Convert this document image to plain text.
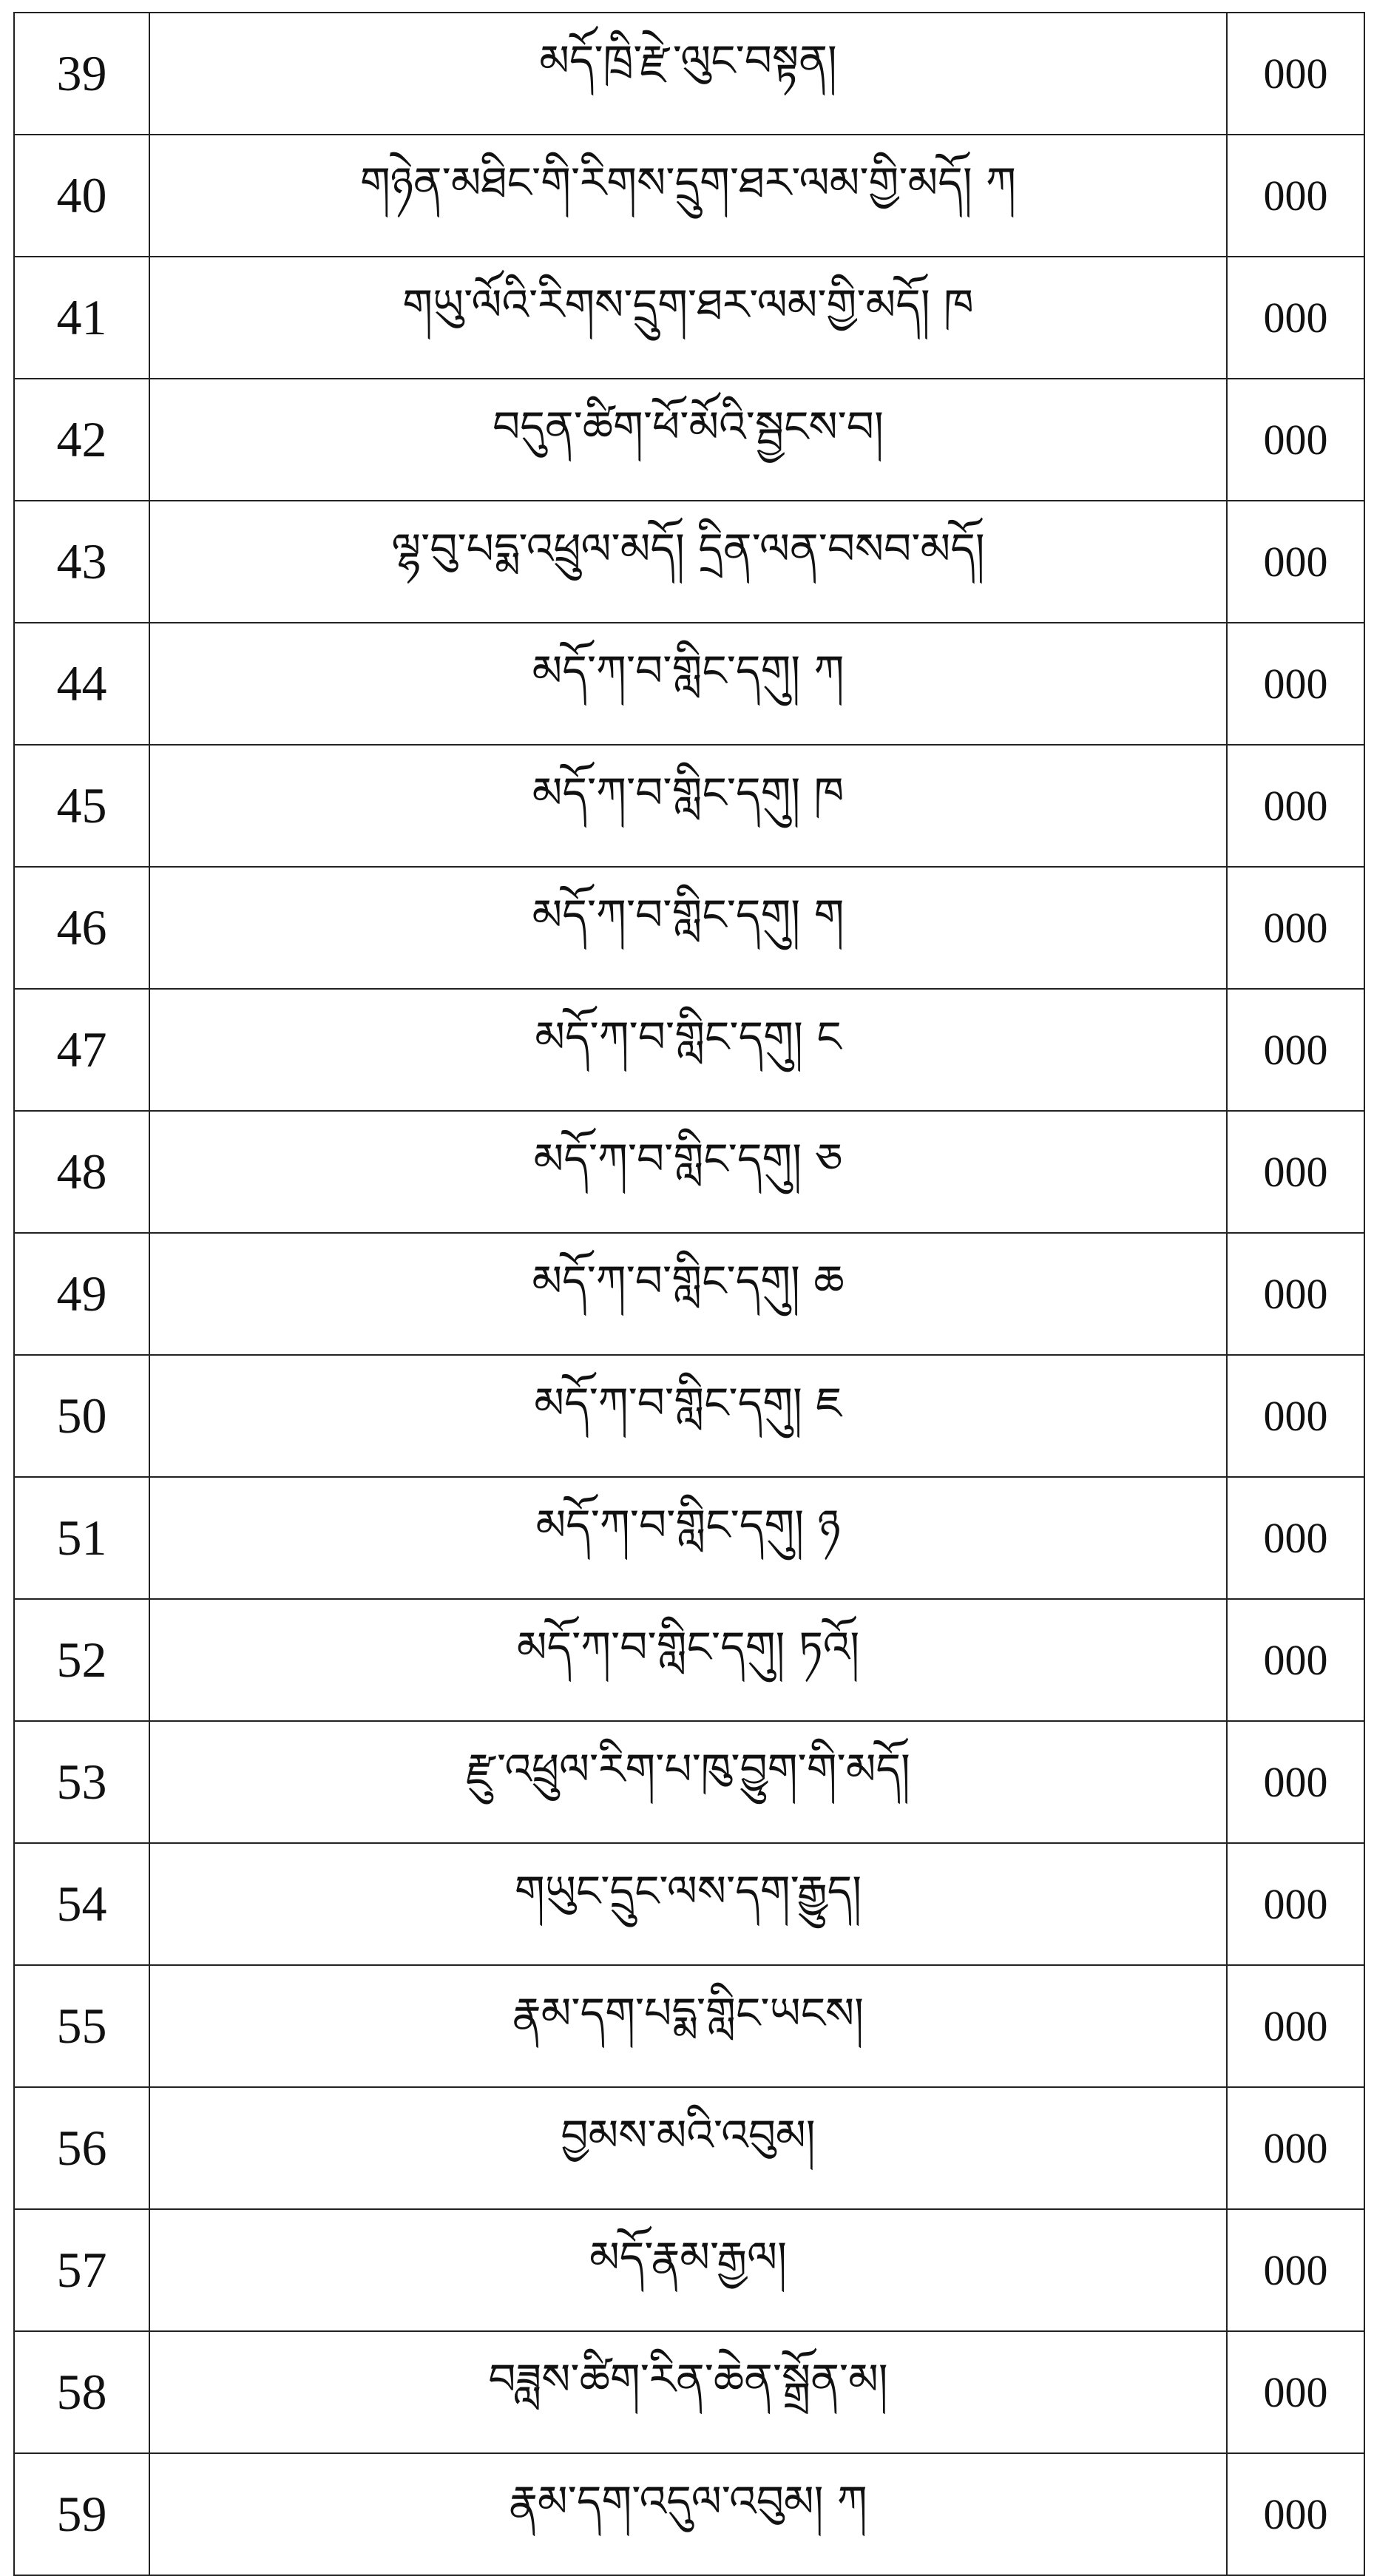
39	མདོ་ཁྲི་རྫེ་ལུང་བསྟན།	000
40	གཉེན་མཐིང་གི་རིགས་དྲུག་ཐར་ལམ་གྱི་མདོ། ཀ	000
41	གཡུ་ལོའི་རིགས་དྲུག་ཐར་ལམ་གྱི་མདོ། ཁ	000
42	བདུན་ཚིག་ཕོ་མོའི་སྦྱངས་བ།	000
43	ལྷ་བུ་པདྨ་འཕྲུལ་མདོ། དྲིན་ལན་བསབ་མདོ།	000
44	མདོ་ཀ་བ་གླིང་དགུ། ཀ	000
45	མདོ་ཀ་བ་གླིང་དགུ། ཁ	000
46	མདོ་ཀ་བ་གླིང་དགུ། ག	000
47	མདོ་ཀ་བ་གླིང་དགུ། ང	000
48	མདོ་ཀ་བ་གླིང་དགུ། ཅ	000
49	མདོ་ཀ་བ་གླིང་དགུ། ཆ	000
50	མདོ་ཀ་བ་གླིང་དགུ། ཇ	000
51	མདོ་ཀ་བ་གླིང་དགུ། ཉ	000
52	མདོ་ཀ་བ་གླིང་དགུ། ཏའོ།	000
53	རྫུ་འཕྲུལ་རིག་པ་ཁུ་བྱུག་གི་མདོ།	000
54	གཡུང་དྲུང་ལས་དག་རྒྱུད།	000
55	རྣམ་དག་པདྨ་གླིང་ཡངས།	000
56	བྱམས་མའི་འབུམ།	000
57	མདོ་རྣམ་རྒྱལ།	000
58	བཟླས་ཚིག་རིན་ཆེན་སྒྲོན་མ།	000
59	རྣམ་དག་འདུལ་འབུམ། ཀ	000
